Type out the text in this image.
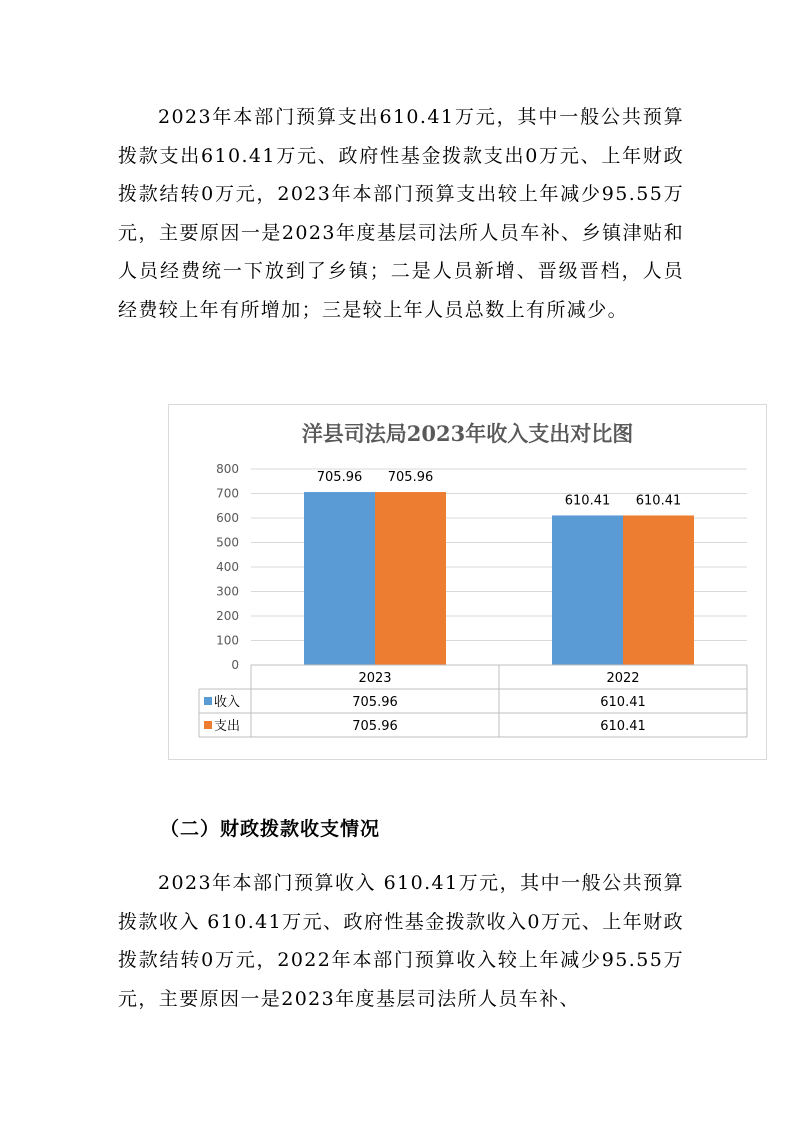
2023年本部门预算支出610.41万元，其中一般公共预算拨款支出610.41万元、政府性基金拨款支出0万元、上年财政拨款结转0万元，2023年本部门预算支出较上年减少95.55万元，主要原因一是2023年度基层司法所人员车补、乡镇津贴和人员经费统一下放到了乡镇；二是人员新增、晋级晋档，人员经费较上年有所增加；三是较上年人员总数上有所减少。

洋县司法局2023年收入支出对比图
0
100
200
300
400
500
600
700
800
705.96 705.96
610.41 610.41
2023	2022
收入	705.96	610.41
支出	705.96	610.41

（二）财政拨款收支情况

2023年本部门预算收入 610.41万元，其中一般公共预算拨款收入 610.41万元、政府性基金拨款收入0万元、上年财政拨款结转0万元，2022年本部门预算收入较上年减少95.55万元，主要原因一是2023年度基层司法所人员车补、
